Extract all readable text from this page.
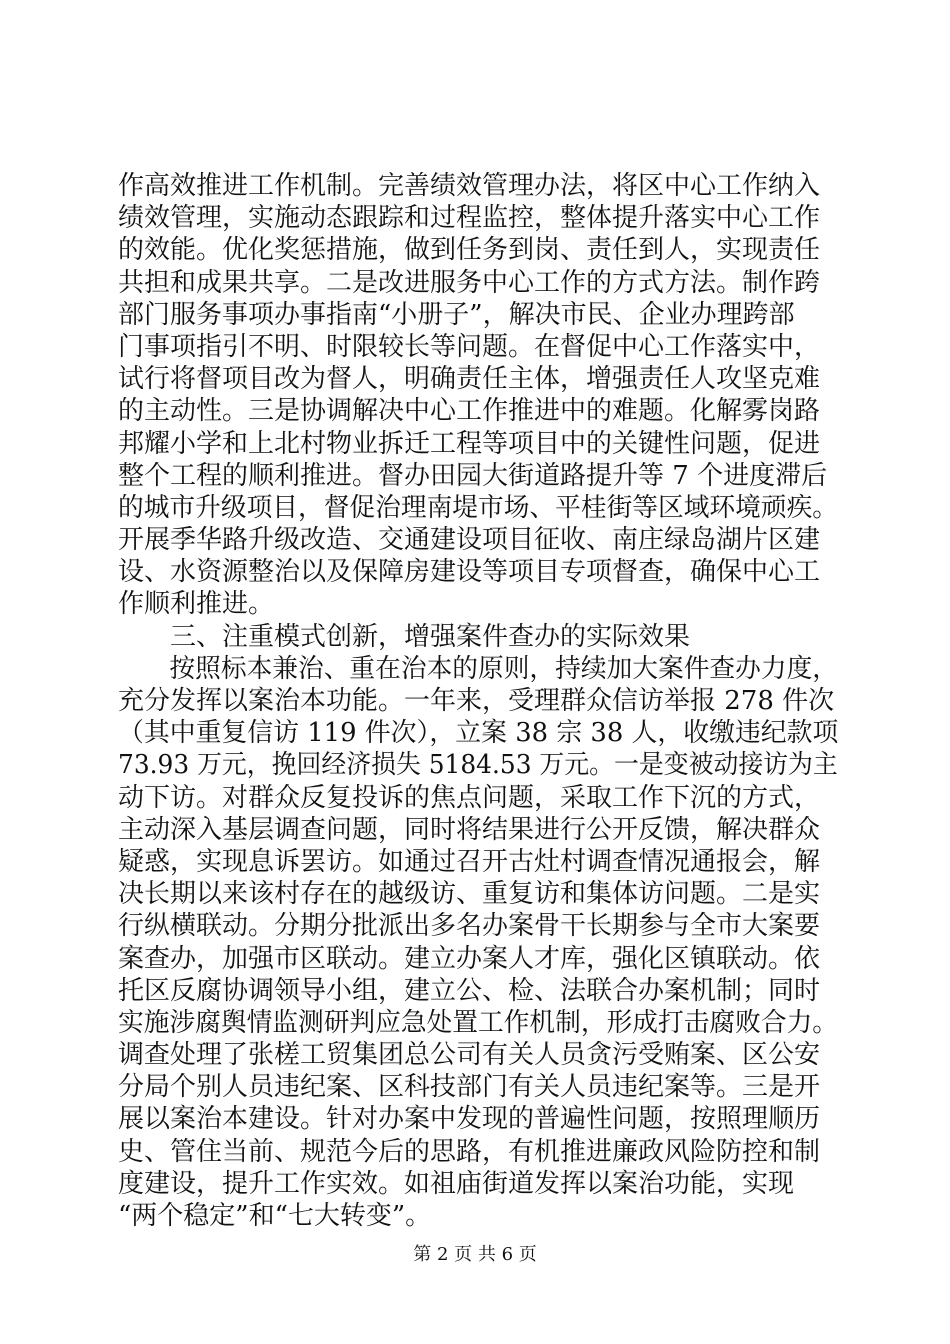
作高效推进工作机制。完善绩效管理办法，将区中心工作纳入
绩效管理，实施动态跟踪和过程监控，整体提升落实中心工作
的效能。优化奖惩措施，做到任务到岗、责任到人，实现责任
共担和成果共享。二是改进服务中心工作的方式方法。制作跨
部门服务事项办事指南“小册子”，解决市民、企业办理跨部
门事项指引不明、时限较长等问题。在督促中心工作落实中，
试行将督项目改为督人，明确责任主体，增强责任人攻坚克难
的主动性。三是协调解决中心工作推进中的难题。化解雾岗路
邦耀小学和上北村物业拆迁工程等项目中的关键性问题，促进
整个工程的顺利推进。督办田园大街道路提升等 7 个进度滞后
的城市升级项目，督促治理南堤市场、平桂街等区域环境顽疾。
开展季华路升级改造、交通建设项目征收、南庄绿岛湖片区建
设、水资源整治以及保障房建设等项目专项督查，确保中心工
作顺利推进。
　　三、注重模式创新，增强案件查办的实际效果
　　按照标本兼治、重在治本的原则，持续加大案件查办力度，
充分发挥以案治本功能。一年来，受理群众信访举报 278 件次
（其中重复信访 119 件次），立案 38 宗 38 人，收缴违纪款项
73.93 万元，挽回经济损失 5184.53 万元。一是变被动接访为主
动下访。对群众反复投诉的焦点问题，采取工作下沉的方式，
主动深入基层调查问题，同时将结果进行公开反馈，解决群众
疑惑，实现息诉罢访。如通过召开古灶村调查情况通报会，解
决长期以来该村存在的越级访、重复访和集体访问题。二是实
行纵横联动。分期分批派出多名办案骨干长期参与全市大案要
案查办，加强市区联动。建立办案人才库，强化区镇联动。依
托区反腐协调领导小组，建立公、检、法联合办案机制；同时
实施涉腐舆情监测研判应急处置工作机制，形成打击腐败合力。
调查处理了张槎工贸集团总公司有关人员贪污受贿案、区公安
分局个别人员违纪案、区科技部门有关人员违纪案等。三是开
展以案治本建设。针对办案中发现的普遍性问题，按照理顺历
史、管住当前、规范今后的思路，有机推进廉政风险防控和制
度建设，提升工作实效。如祖庙街道发挥以案治功能，实现
“两个稳定”和“七大转变”。
第 2 页 共 6 页
